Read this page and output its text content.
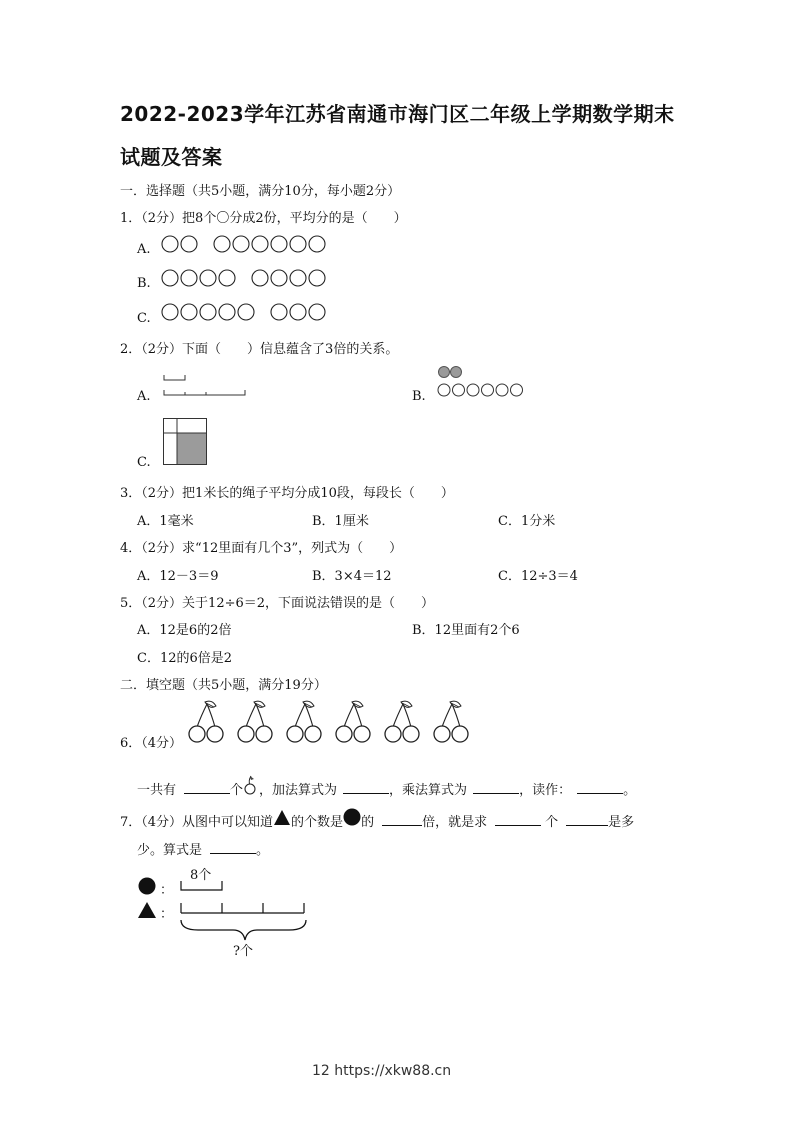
2022-2023学年江苏省南通市海门区二年级上学期数学期末
试题及答案
一．选择题（共5小题，满分10分，每小题2分）
1．（2分）把8个〇分成2份，平均分的是（　　）
A.
B.
C.
2．（2分）下面（　　）信息蕴含了3倍的关系。
A.	B.
C.
3．（2分）把1米长的绳子平均分成10段，每段长（　　）
A．1毫米	B．1厘米	C．1分米
4．（2分）求“12里面有几个3”，列式为（　　）
A．12－3＝9	B．3×4＝12	C．12÷3＝4
5．（2分）关于12÷6＝2，下面说法错误的是（　　）
A．12是6的2倍	B．12里面有2个6
C．12的6倍是2
二．填空题（共5小题，满分19分）
6．（4分）
一共有	个 ，加法算式为	，乘法算式为	，读作：	。
7．（4分）从图中可以知道 的个数是 的	倍，就是求	个	是多
少。算式是	。
8个
：
：
?个
12 https://xkw88.cn
